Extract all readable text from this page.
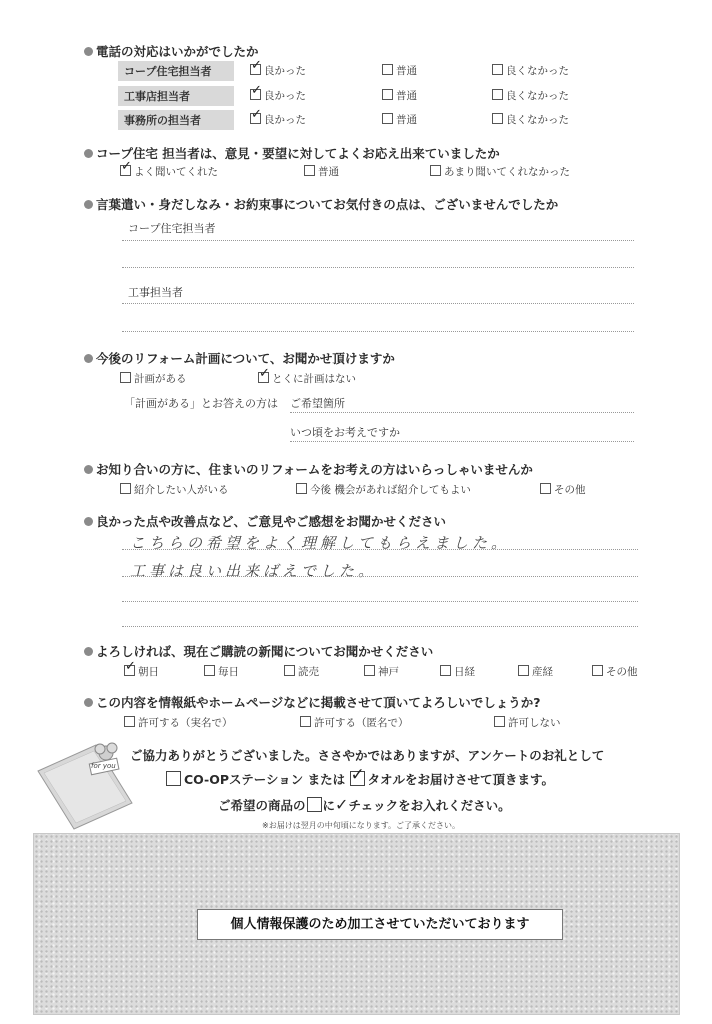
電話の対応はいかがでしたか
コープ住宅担当者 ✓	良かった	普通	良くなかった
工事店担当者 ✓	良かった	普通	良くなかった
事務所の担当者 ✓	良かった	普通	良くなかった
コープ住宅 担当者は、意見・要望に対してよくお応え出来ていましたか
✓よく聞いてくれた	普通	あまり聞いてくれなかった
言葉遣い・身だしなみ・お約束事についてお気付きの点は、ございませんでしたか
コープ住宅担当者
工事担当者
今後のリフォーム計画について、お聞かせ頂けますか
計画がある ✓	とくに計画はない
「計画がある」とお答えの方は ご希望箇所
いつ頃をお考えですか
お知り合いの方に、住まいのリフォームをお考えの方はいらっしゃいませんか
紹介したい人がいる	今後 機会があれば紹介してもよい	その他
良かった点や改善点など、ご意見やご感想をお聞かせください
こちらの希望をよく理解してもらえました。
工事は良い出来ばえでした。
よろしければ、現在ご購読の新聞についてお聞かせください
✓朝日	毎日	読売	神戸	日経	産経	その他
この内容を情報紙やホームページなどに掲載させて頂いてよろしいでしょうか?
許可する（実名で）	許可する（匿名で）	許可しない
for you
ご協力ありがとうございました。ささやかではありますが、アンケートのお礼として
CO-OPステーション または ✓ タオルをお届けさせて頂きます。
ご希望の商品の に✓チェックをお入れください。
※お届けは翌月の中旬頃になります。ご了承ください。
個人情報保護のため加工させていただいております
